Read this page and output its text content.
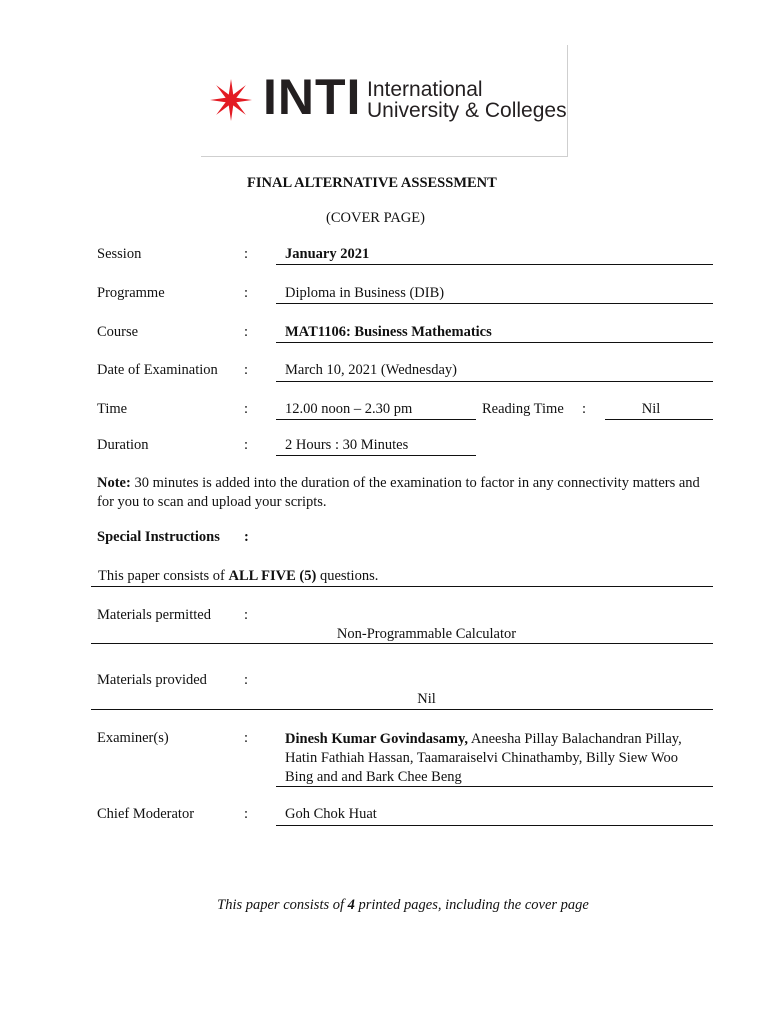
INTI International
University & Colleges
FINAL ALTERNATIVE ASSESSMENT
(COVER PAGE)
Session	:	January 2021
Programme	:	Diploma in Business (DIB)
Course	:	MAT1106: Business Mathematics
Date of Examination :	March 10, 2021 (Wednesday)
Time	:	12.00 noon – 2.30 pm	Reading Time :	Nil
Duration	:	2 Hours : 30 Minutes
Note: 30 minutes is added into the duration of the examination to factor in any connectivity matters and
for you to scan and upload your scripts.
Special Instructions :
This paper consists of ALL FIVE (5) questions.
Materials permitted :
Non-Programmable Calculator
Materials provided	:
Nil
Examiner(s)	:	Dinesh Kumar Govindasamy, Aneesha Pillay Balachandran Pillay,
Hatin Fathiah Hassan, Taamaraiselvi Chinathamby, Billy Siew Woo
Bing and and Bark Chee Beng
Chief Moderator	:	Goh Chok Huat
This paper consists of 4 printed pages, including the cover page
